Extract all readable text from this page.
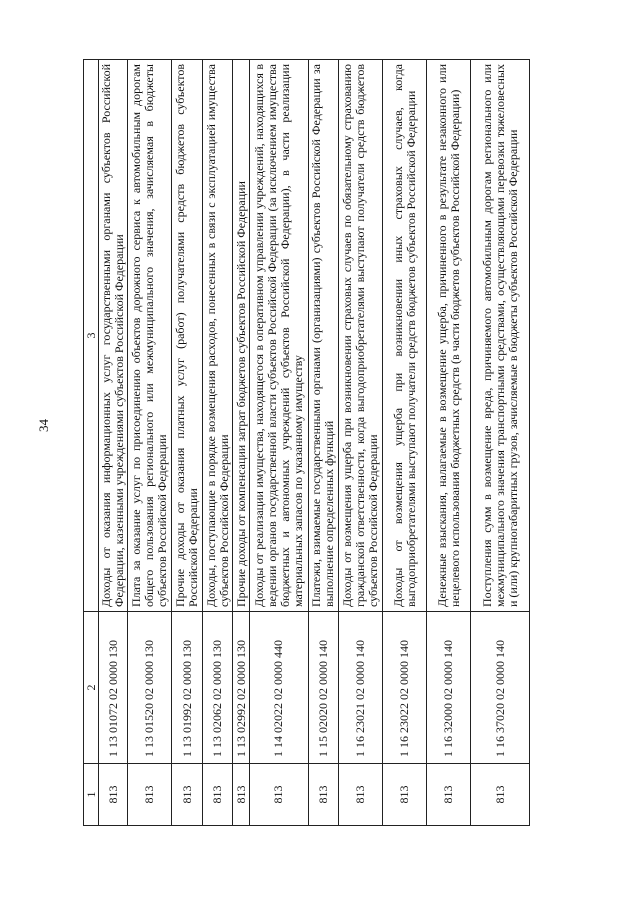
34
1	2	3
813	1 13 01072 02 0000 130	Доходы от оказания информационных услуг государственными органами субъектов Российской Федерации, казенными учреждениями субъектов Российской Федерации
813	1 13 01520 02 0000 130	Плата за оказание услуг по присоединению объектов дорожного сервиса к автомобильным дорогам общего пользования регионального или межмуниципального значения, зачисляемая в бюджеты субъектов Российской Федерации
813	1 13 01992 02 0000 130	Прочие доходы от оказания платных услуг (работ) получателями средств бюджетов субъектов Российской Федерации
813	1 13 02062 02 0000 130	Доходы, поступающие в порядке возмещения расходов, понесенных в связи с эксплуатацией имущества субъектов Российской Федерации
813	1 13 02992 02 0000 130	Прочие доходы от компенсации затрат бюджетов субъектов Российской Федерации
813	1 14 02022 02 0000 440	Доходы от реализации имущества, находящегося в оперативном управлении учреждений, находящихся в ведении органов государственной власти субъектов Российской Федерации (за исключением имущества бюджетных и автономных учреждений субъектов Российской Федерации), в части реализации материальных запасов по указанному имуществу
813	1 15 02020 02 0000 140	Платежи, взимаемые государственными органами (организациями) субъектов Российской Федерации за выполнение определенных функций
813	1 16 23021 02 0000 140	Доходы от возмещения ущерба при возникновении страховых случаев по обязательному страхованию гражданской ответственности, когда выгодоприобретателями выступают получатели средств бюджетов субъектов Российской Федерации
813	1 16 23022 02 0000 140	Доходы от возмещения ущерба при возникновении иных страховых случаев, когда выгодоприобретателями выступают получатели средств бюджетов субъектов Российской Федерации
813	1 16 32000 02 0000 140	Денежные взыскания, налагаемые в возмещение ущерба, причиненного в результате незаконного или нецелевого использования бюджетных средств (в части бюджетов субъектов Российской Федерации)
813	1 16 37020 02 0000 140	Поступления сумм в возмещение вреда, причиняемого автомобильным дорогам регионального или межмуниципального значения транспортными средствами, осуществляющими перевозки тяжеловесных и (или) крупногабаритных грузов, зачисляемые в бюджеты субъектов Российской Федерации
